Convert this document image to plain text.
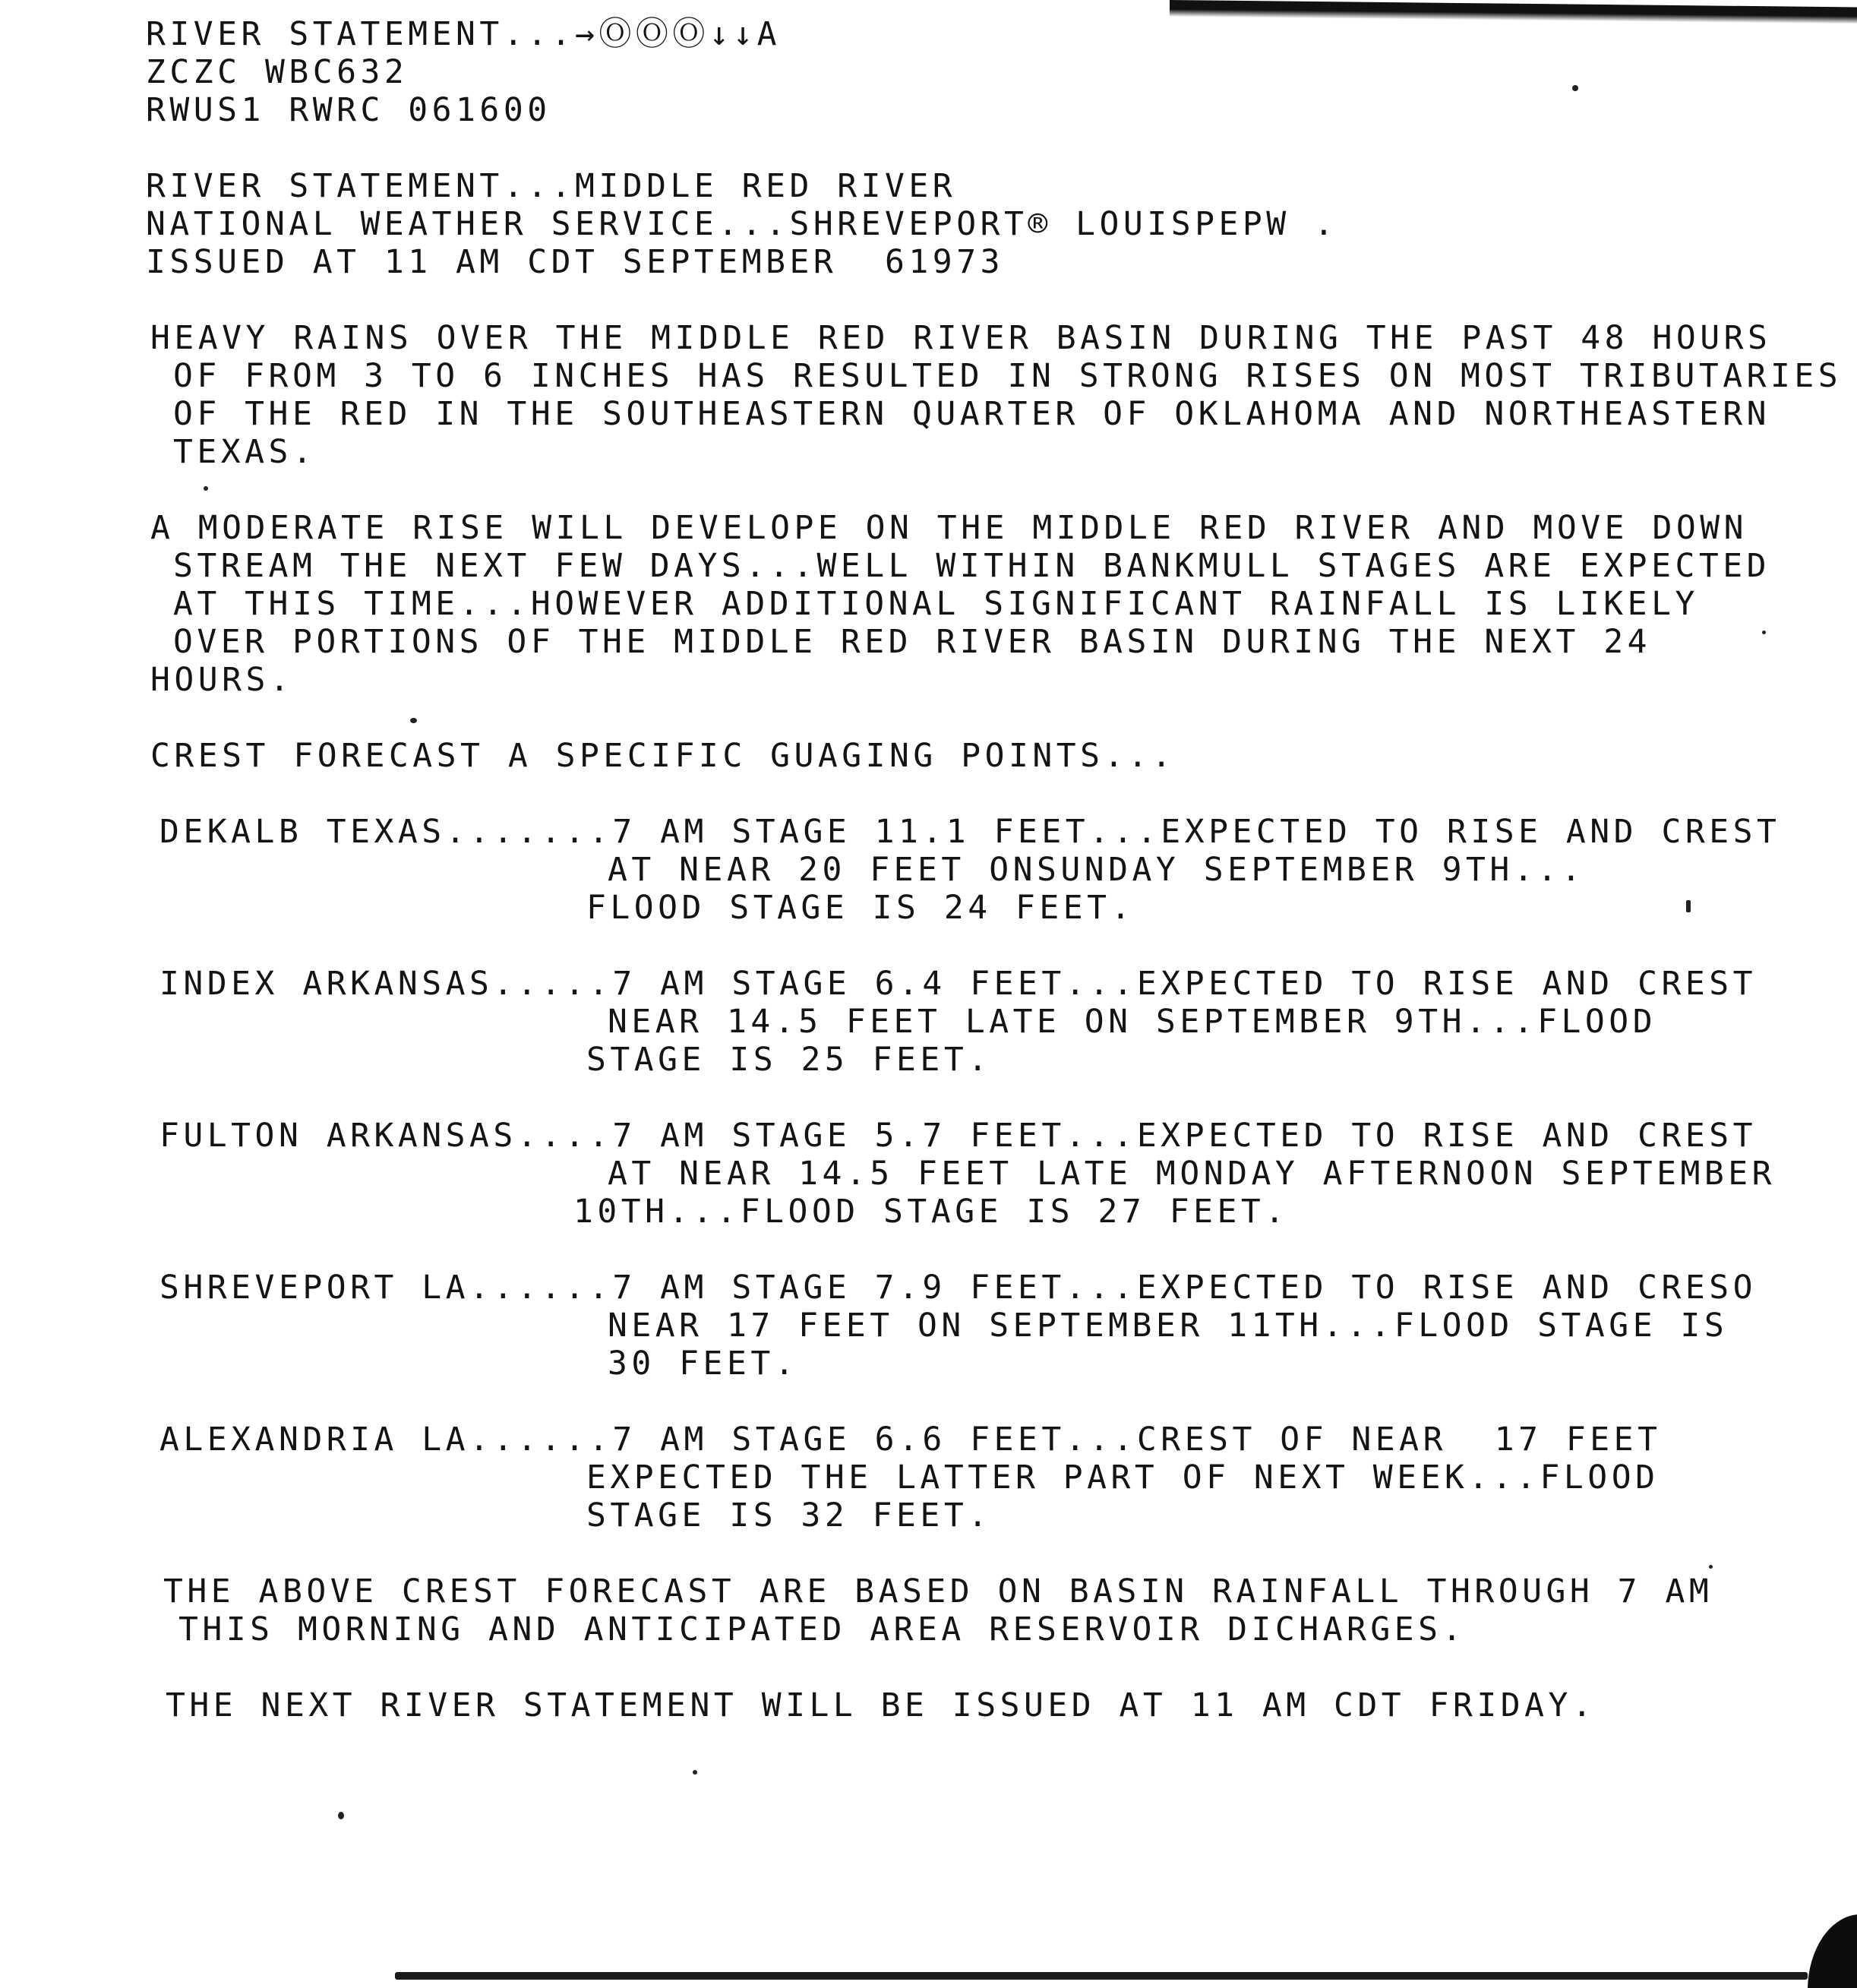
RIVER STATEMENT...→ⓄⓄⓄ↓↓A
ZCZC WBC632
RWUS1 RWRC 061600
RIVER STATEMENT...MIDDLE RED RIVER
NATIONAL WEATHER SERVICE...SHREVEPORT® LOUISPEPW .
ISSUED AT 11 AM CDT SEPTEMBER  61973
HEAVY RAINS OVER THE MIDDLE RED RIVER BASIN DURING THE PAST 48 HOURS
OF FROM 3 TO 6 INCHES HAS RESULTED IN STRONG RISES ON MOST TRIBUTARIES
OF THE RED IN THE SOUTHEASTERN QUARTER OF OKLAHOMA AND NORTHEASTERN
TEXAS.
A MODERATE RISE WILL DEVELOPE ON THE MIDDLE RED RIVER AND MOVE DOWN
STREAM THE NEXT FEW DAYS...WELL WITHIN BANKMULL STAGES ARE EXPECTED
AT THIS TIME...HOWEVER ADDITIONAL SIGNIFICANT RAINFALL IS LIKELY
OVER PORTIONS OF THE MIDDLE RED RIVER BASIN DURING THE NEXT 24
HOURS.
CREST FORECAST A SPECIFIC GUAGING POINTS...
DEKALB TEXAS.......7 AM STAGE 11.1 FEET...EXPECTED TO RISE AND CREST
AT NEAR 20 FEET ONSUNDAY SEPTEMBER 9TH...
FLOOD STAGE IS 24 FEET.
INDEX ARKANSAS.....7 AM STAGE 6.4 FEET...EXPECTED TO RISE AND CREST
NEAR 14.5 FEET LATE ON SEPTEMBER 9TH...FLOOD
STAGE IS 25 FEET.
FULTON ARKANSAS....7 AM STAGE 5.7 FEET...EXPECTED TO RISE AND CREST
AT NEAR 14.5 FEET LATE MONDAY AFTERNOON SEPTEMBER
10TH...FLOOD STAGE IS 27 FEET.
SHREVEPORT LA......7 AM STAGE 7.9 FEET...EXPECTED TO RISE AND CRESO
NEAR 17 FEET ON SEPTEMBER 11TH...FLOOD STAGE IS
30 FEET.
ALEXANDRIA LA......7 AM STAGE 6.6 FEET...CREST OF NEAR  17 FEET
EXPECTED THE LATTER PART OF NEXT WEEK...FLOOD
STAGE IS 32 FEET.
THE ABOVE CREST FORECAST ARE BASED ON BASIN RAINFALL THROUGH 7 AM
THIS MORNING AND ANTICIPATED AREA RESERVOIR DICHARGES.
THE NEXT RIVER STATEMENT WILL BE ISSUED AT 11 AM CDT FRIDAY.
